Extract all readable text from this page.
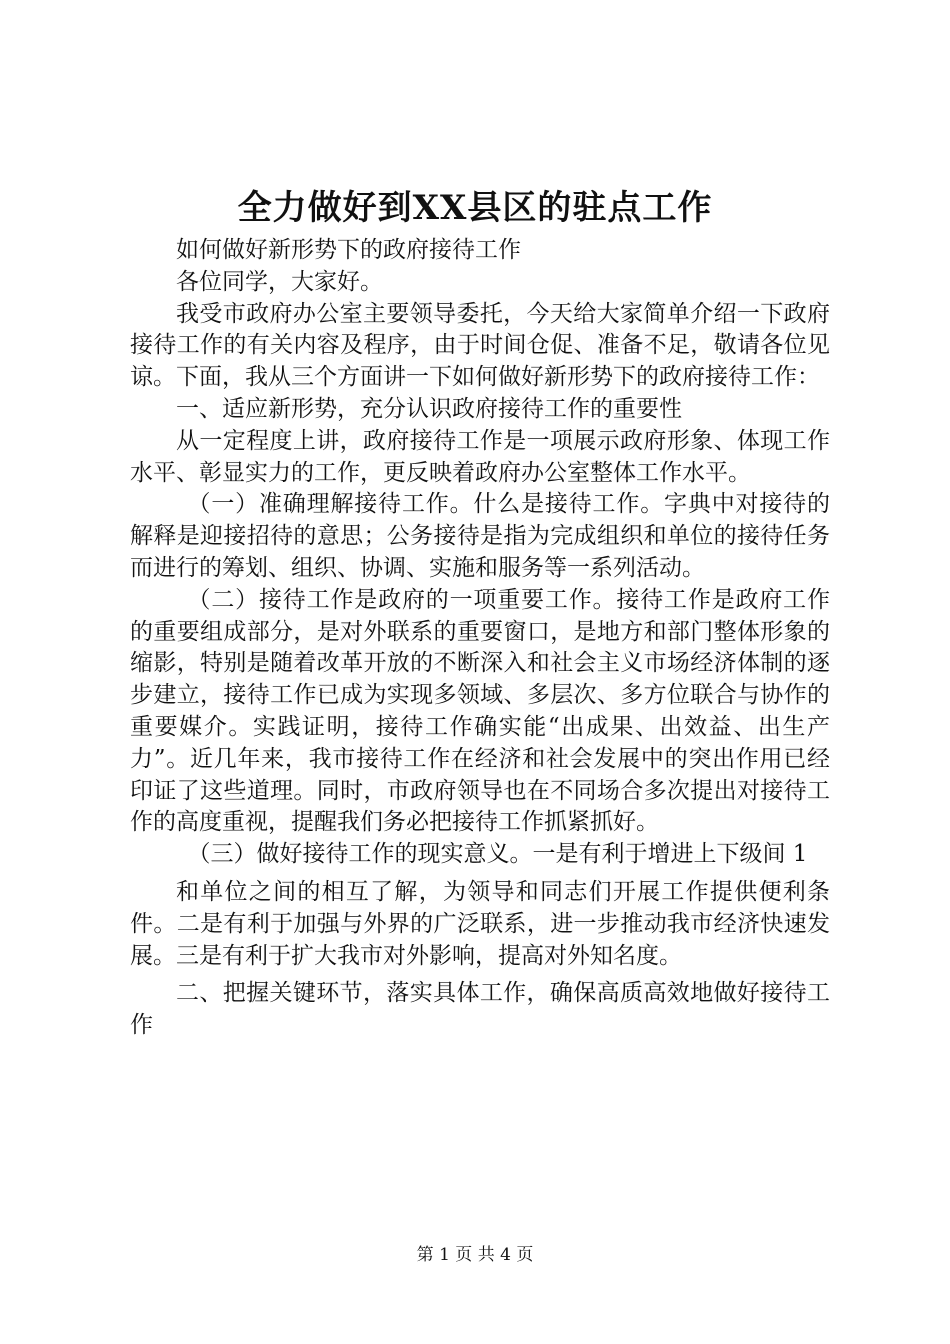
全力做好到XX县区的驻点工作

如何做好新形势下的政府接待工作

各位同学，大家好。

我受市政府办公室主要领导委托，今天给大家简单介绍一下政府接待工作的有关内容及程序，由于时间仓促、准备不足，敬请各位见谅。下面，我从三个方面讲一下如何做好新形势下的政府接待工作：

一、适应新形势，充分认识政府接待工作的重要性

从一定程度上讲，政府接待工作是一项展示政府形象、体现工作水平、彰显实力的工作，更反映着政府办公室整体工作水平。

（一）准确理解接待工作。什么是接待工作。字典中对接待的解释是迎接招待的意思；公务接待是指为完成组织和单位的接待任务而进行的筹划、组织、协调、实施和服务等一系列活动。

（二）接待工作是政府的一项重要工作。接待工作是政府工作的重要组成部分，是对外联系的重要窗口，是地方和部门整体形象的缩影，特别是随着改革开放的不断深入和社会主义市场经济体制的逐步建立，接待工作已成为实现多领域、多层次、多方位联合与协作的重要媒介。实践证明，接待工作确实能“出成果、出效益、出生产力”。近几年来，我市接待工作在经济和社会发展中的突出作用已经印证了这些道理。同时，市政府领导也在不同场合多次提出对接待工作的高度重视，提醒我们务必把接待工作抓紧抓好。

（三）做好接待工作的现实意义。一是有利于增进上下级间 1

和单位之间的相互了解，为领导和同志们开展工作提供便利条件。二是有利于加强与外界的广泛联系，进一步推动我市经济快速发展。三是有利于扩大我市对外影响，提高对外知名度。

二、把握关键环节，落实具体工作，确保高质高效地做好接待工作

第 1 页 共 4 页
